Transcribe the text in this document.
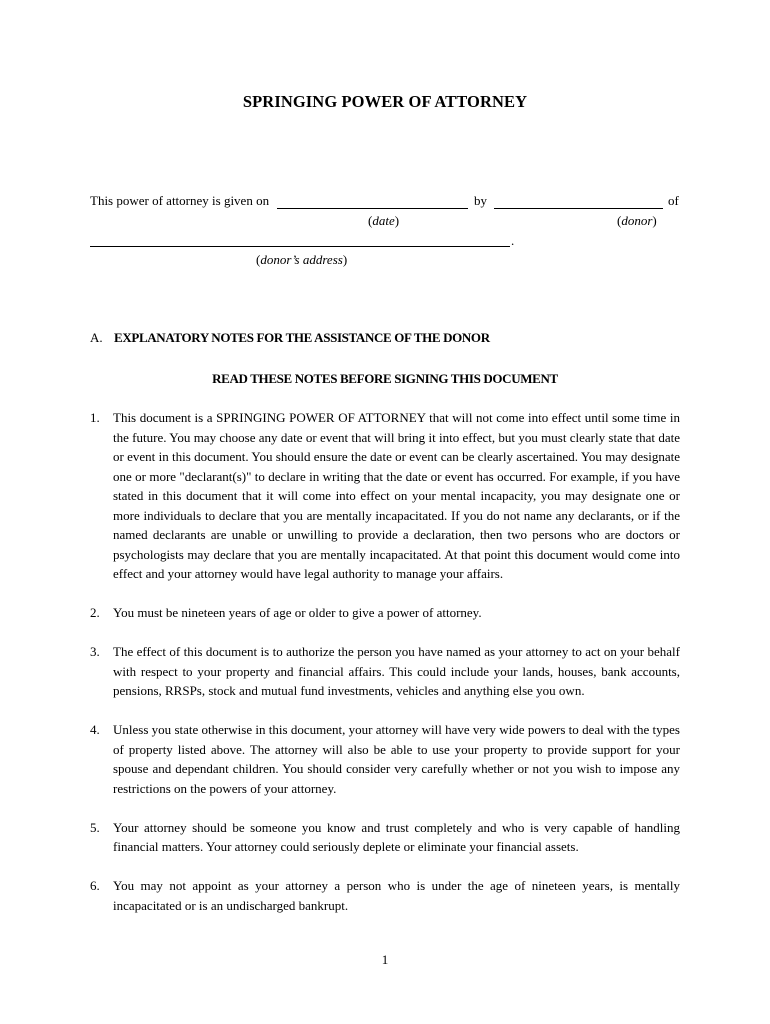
SPRINGING POWER OF ATTORNEY
This power of attorney is given on	by	of
(date)	(donor)
.
(donor’s address)
A. EXPLANATORY NOTES FOR THE ASSISTANCE OF THE DONOR
READ THESE NOTES BEFORE SIGNING THIS DOCUMENT
1. This document is a SPRINGING POWER OF ATTORNEY that will not come into effect until some time in the future. You may choose any date or event that will bring it into effect, but you must clearly state that date or event in this document. You should ensure the date or event can be clearly ascertained. You may designate one or more "declarant(s)" to declare in writing that the date or event has occurred. For example, if you have stated in this document that it will come into effect on your mental incapacity, you may designate one or more individuals to declare that you are mentally incapacitated. If you do not name any declarants, or if the named declarants are unable or unwilling to provide a declaration, then two persons who are doctors or psychologists may declare that you are mentally incapacitated. At that point this document would come into effect and your attorney would have legal authority to manage your affairs.
2. You must be nineteen years of age or older to give a power of attorney.
3. The effect of this document is to authorize the person you have named as your attorney to act on your behalf with respect to your property and financial affairs. This could include your lands, houses, bank accounts, pensions, RRSPs, stock and mutual fund investments, vehicles and anything else you own.
4. Unless you state otherwise in this document, your attorney will have very wide powers to deal with the types of property listed above. The attorney will also be able to use your property to provide support for your spouse and dependant children. You should consider very carefully whether or not you wish to impose any restrictions on the powers of your attorney.
5. Your attorney should be someone you know and trust completely and who is very capable of handling financial matters. Your attorney could seriously deplete or eliminate your financial assets.
6. You may not appoint as your attorney a person who is under the age of nineteen years, is mentally incapacitated or is an undischarged bankrupt.
1
